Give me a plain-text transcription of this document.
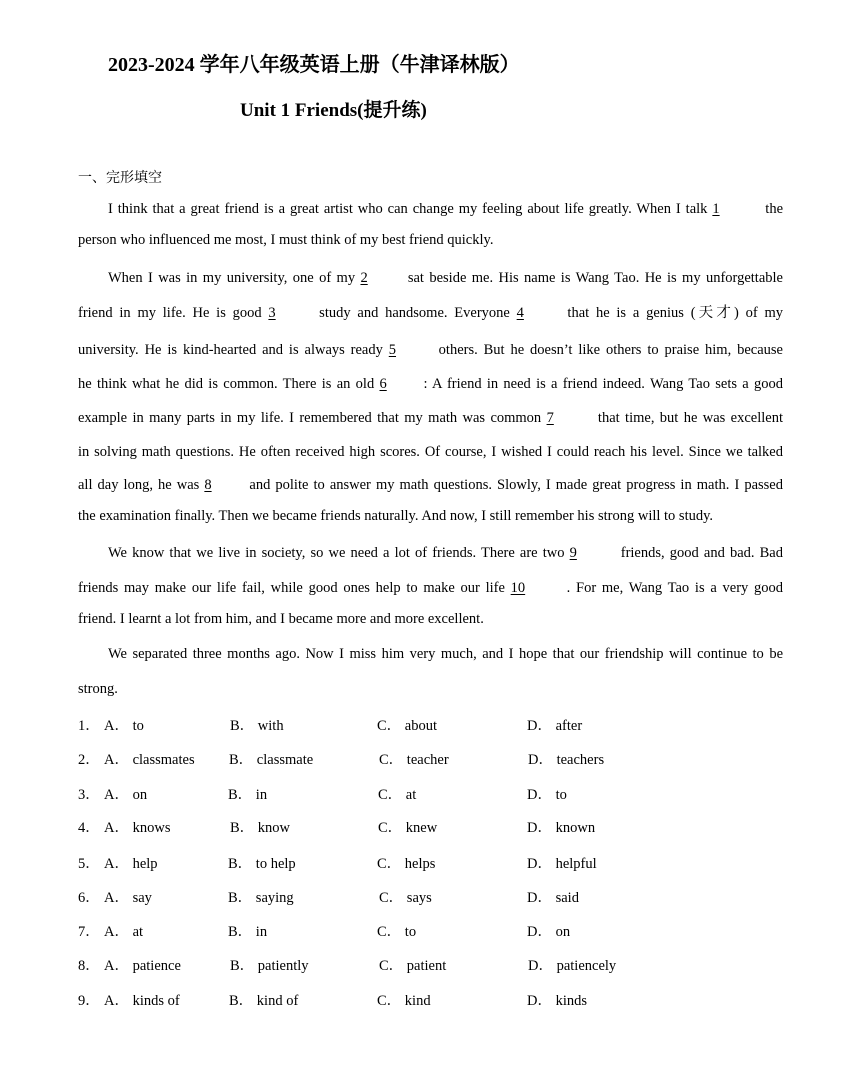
2023-2024 学年八年级英语上册（牛津译林版）
Unit 1 Friends(提升练)
一、完形填空
I think that a great friend is a great artist who can change my feeling about life greatly. When I talk 1	the
person who influenced me most, I must think of my best friend quickly.
When I was in my university, one of my 2 sat beside me. His name is Wang Tao. He is my unforgettable
friend in my life. He is good 3	study and handsome. Everyone 4	that he is a genius (天才) of my
university. He is kind-hearted and is always ready 5	others. But he doesn’t like others to praise him, because
he think what he did is common. There is an old 6	: A friend in need is a friend indeed. Wang Tao sets a good
example in many parts in my life. I remembered that my math was common 7	that time, but he was excellent
in solving math questions. He often received high scores. Of course, I wished I could reach his level. Since we talked
all day long, he was 8 and polite to answer my math questions. Slowly, I made great progress in math. I passed
the examination finally. Then we became friends naturally. And now, I still remember his strong will to study.
We know that we live in society, so we need a lot of friends. There are two 9	friends, good and bad. Bad
friends may make our life fail, while good ones help to make our life 10	. For me, Wang Tao is a very good
friend. I learnt a lot from him, and I became more and more excellent.
We separated three months ago. Now I miss him very much, and I hope that our friendship will continue to be
strong.
1． A． to	B． with	C． about	D． after
2． A． classmates B． classmate	C． teacher	D． teachers
3． A． on	B． in	C． at	D． to
4． A． knows	B． know	C． knew	D． known
5． A． help	B． to help	C． helps	D． helpful
6． A． say	B． saying	C． says	D． said
7． A． at	B． in	C． to	D． on
8． A． patience	B． patiently	C． patient	D． patiencely
9． A． kinds of	B． kind of	C． kind	D． kinds
